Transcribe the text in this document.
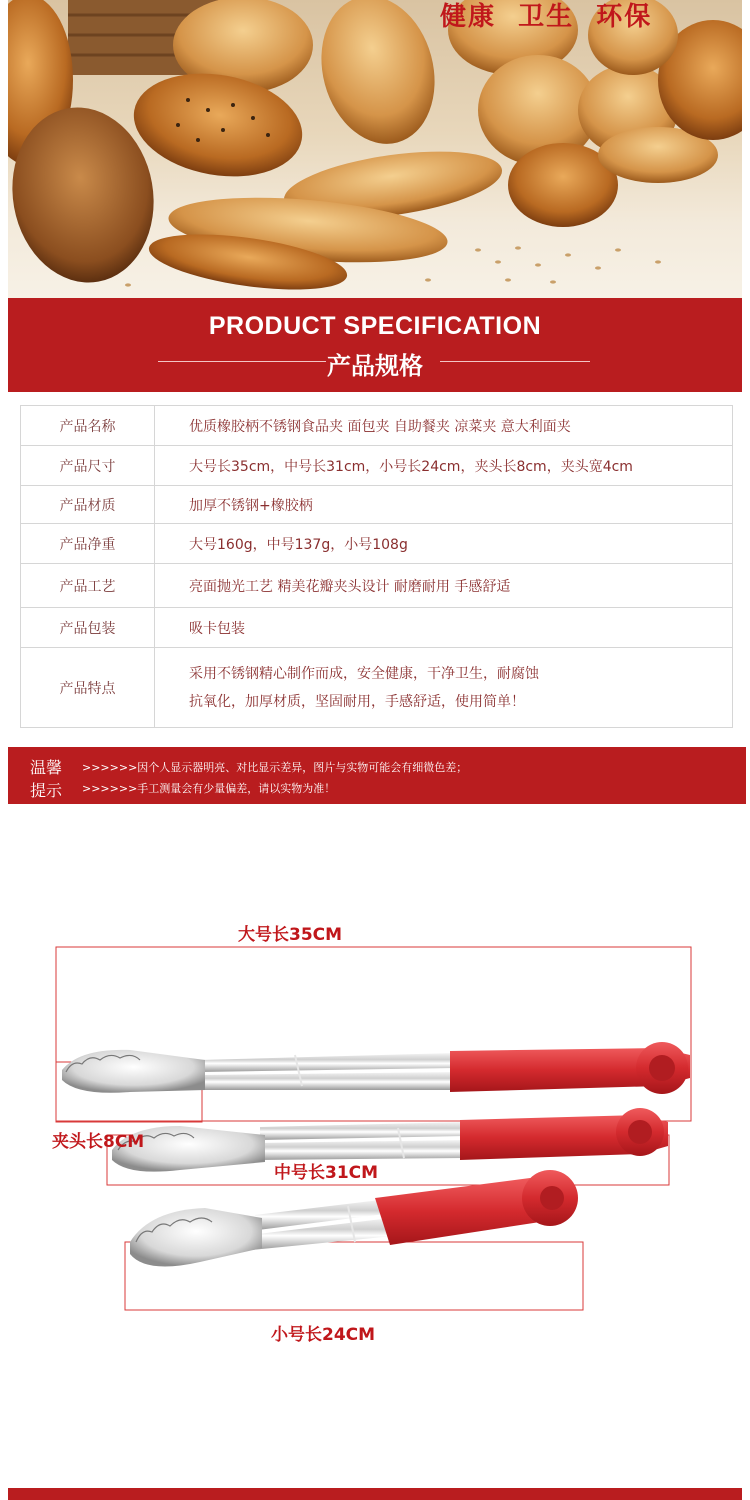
健康  卫生  环保
PRODUCT SPECIFICATION
产品规格
产品名称	优质橡胶柄不锈钢食品夹 面包夹 自助餐夹 凉菜夹 意大利面夹
产品尺寸	大号长35cm，中号长31cm，小号长24cm，夹头长8cm，夹头宽4cm
产品材质	加厚不锈钢+橡胶柄
产品净重	大号160g，中号137g，小号108g
产品工艺	亮面抛光工艺 精美花瓣夹头设计 耐磨耐用 手感舒适
产品包装	吸卡包装
产品特点	采用不锈钢精心制作而成，安全健康，干净卫生，耐腐蚀
抗氧化，加厚材质，坚固耐用，手感舒适，使用简单！
温馨
提示
>>>>>>因个人显示器明亮、对比显示差异，图片与实物可能会有细微色差；
>>>>>>手工测量会有少量偏差，请以实物为准！
大号长35CM
夹头长8CM
中号长31CM
小号长24CM
